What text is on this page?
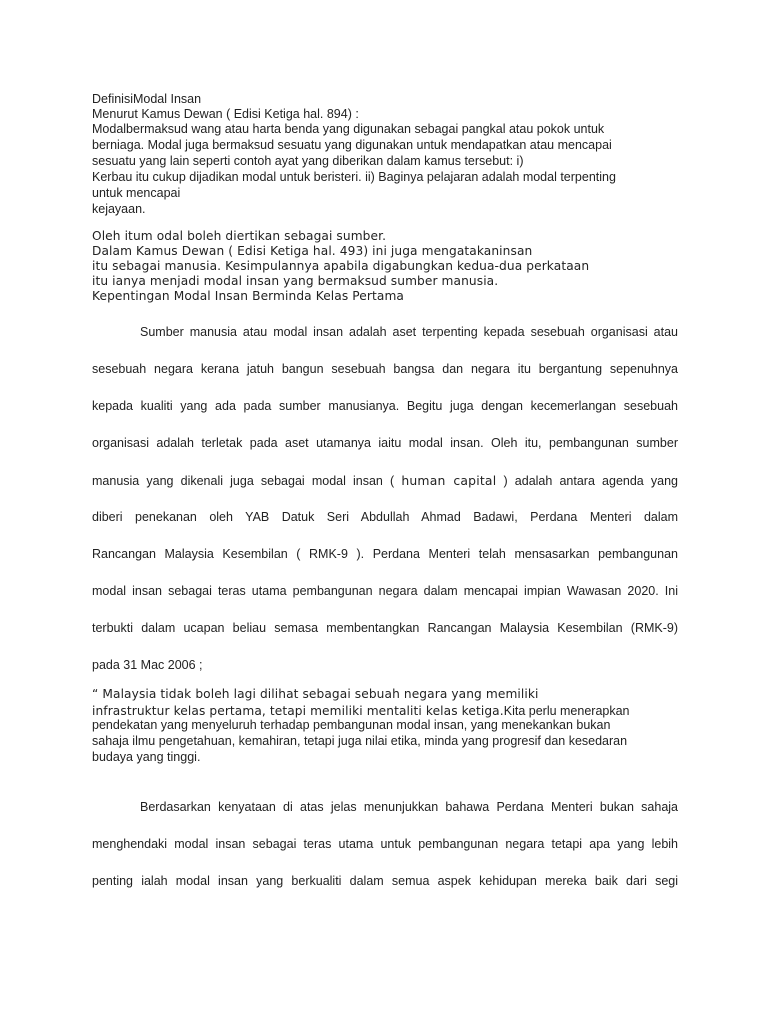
DefinisiModal Insan
Menurut Kamus Dewan ( Edisi Ketiga hal. 894) :
Modalbermaksud wang atau harta benda yang digunakan sebagai pangkal atau pokok untuk
berniaga. Modal juga bermaksud sesuatu yang digunakan untuk mendapatkan atau mencapai
sesuatu yang lain seperti contoh ayat yang diberikan dalam kamus tersebut: i)
Kerbau itu cukup dijadikan modal untuk beristeri. ii) Baginya pelajaran adalah modal terpenting
untuk mencapai
kejayaan.
Oleh itum odal boleh diertikan sebagai sumber.
Dalam Kamus Dewan ( Edisi Ketiga hal. 493) ini juga mengatakaninsan
itu sebagai manusia. Kesimpulannya apabila digabungkan kedua-dua perkataan
itu ianya menjadi modal insan yang bermaksud sumber manusia.
Kepentingan Modal Insan Berminda Kelas Pertama
Sumber manusia atau modal insan adalah aset terpenting kepada sesebuah organisasi atau
sesebuah negara kerana jatuh bangun sesebuah bangsa dan negara itu bergantung sepenuhnya
kepada kualiti yang ada pada sumber manusianya. Begitu juga dengan kecemerlangan sesebuah
organisasi adalah terletak pada aset utamanya iaitu modal insan. Oleh itu, pembangunan sumber
manusia yang dikenali juga sebagai modal insan ( human capital ) adalah antara agenda yang
diberi penekanan oleh YAB Datuk Seri Abdullah Ahmad Badawi, Perdana Menteri dalam
Rancangan Malaysia Kesembilan ( RMK-9 ). Perdana Menteri telah mensasarkan pembangunan
modal insan sebagai teras utama pembangunan negara dalam mencapai impian Wawasan 2020. Ini
terbukti dalam ucapan beliau semasa membentangkan Rancangan Malaysia Kesembilan (RMK-9)
pada 31 Mac 2006 ;
“ Malaysia tidak boleh lagi dilihat sebagai sebuah negara yang memiliki
infrastruktur kelas pertama, tetapi memiliki mentaliti kelas ketiga.Kita perlu menerapkan
pendekatan yang menyeluruh terhadap pembangunan modal insan, yang menekankan bukan
sahaja ilmu pengetahuan, kemahiran, tetapi juga nilai etika, minda yang progresif dan kesedaran
budaya yang tinggi.
Berdasarkan kenyataan di atas jelas menunjukkan bahawa Perdana Menteri bukan sahaja
menghendaki modal insan sebagai teras utama untuk pembangunan negara tetapi apa yang lebih
penting ialah modal insan yang berkualiti dalam semua aspek kehidupan mereka baik dari segi
